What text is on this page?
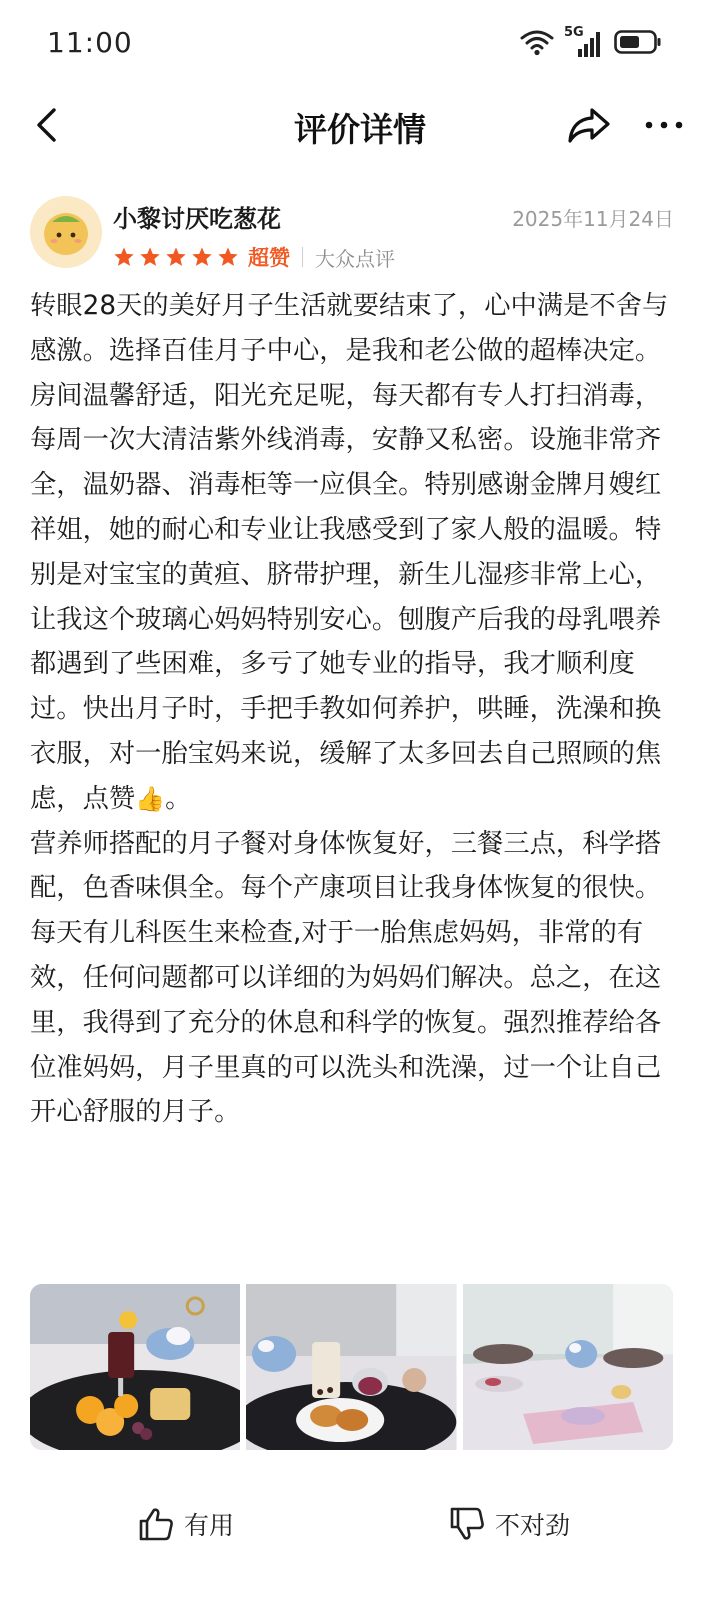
11:00	5G
评价详情
小黎讨厌吃葱花	2025年11月24日
超赞 大众点评

转眼28天的美好月子生活就要结束了，心中满是不舍与感激。选择百佳月子中心，是我和老公做的超棒决定。

房间温馨舒适，阳光充足呢，每天都有专人打扫消毒，每周一次大清洁紫外线消毒，安静又私密。设施非常齐全，温奶器、消毒柜等一应俱全。特别感谢金牌月嫂红祥姐，她的耐心和专业让我感受到了家人般的温暖。特别是对宝宝的黄疸、脐带护理，新生儿湿疹非常上心，让我这个玻璃心妈妈特别安心。刨腹产后我的母乳喂养都遇到了些困难，多亏了她专业的指导，我才顺利度过。快出月子时，手把手教如何养护，哄睡，洗澡和换衣服，对一胎宝妈来说，缓解了太多回去自己照顾的焦虑，点赞👍。

营养师搭配的月子餐对身体恢复好，三餐三点，科学搭配，色香味俱全。每个产康项目让我身体恢复的很快。每天有儿科医生来检查,对于一胎焦虑妈妈，非常的有效，任何问题都可以详细的为妈妈们解决。总之，在这里，我得到了充分的休息和科学的恢复。强烈推荐给各位准妈妈，月子里真的可以洗头和洗澡，过一个让自己开心舒服的月子。

有用	不对劲
